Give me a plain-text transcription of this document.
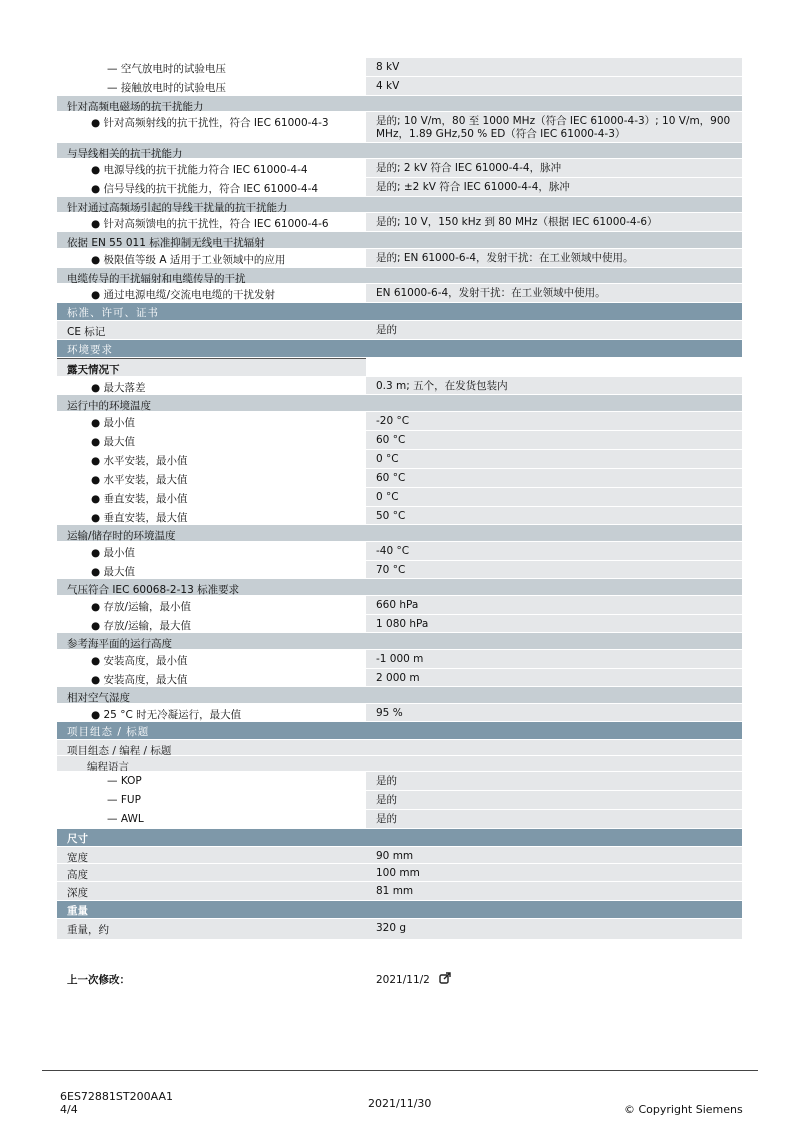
— 空气放电时的试验电压	8 kV
— 接触放电时的试验电压	4 kV
针对高频电磁场的抗干扰能力
● 针对高频射线的抗干扰性，符合 IEC 61000-4-3	是的; 10 V/m，80 至 1000 MHz（符合 IEC 61000-4-3）; 10 V/m，900 MHz，1.89 GHz,50 % ED（符合 IEC 61000-4-3）
与导线相关的抗干扰能力
● 电源导线的抗干扰能力符合 IEC 61000-4-4	是的; 2 kV 符合 IEC 61000-4-4，脉冲
● 信号导线的抗干扰能力，符合 IEC 61000-4-4	是的; ±2 kV 符合 IEC 61000-4-4，脉冲
针对通过高频场引起的导线干扰量的抗干扰能力
● 针对高频馈电的抗干扰性，符合 IEC 61000-4-6	是的; 10 V，150 kHz 到 80 MHz（根据 IEC 61000-4-6）
依据 EN 55 011 标准抑制无线电干扰辐射
● 极限值等级 A 适用于工业领域中的应用	是的; EN 61000-6-4，发射干扰：在工业领域中使用。
电缆传导的干扰辐射和电缆传导的干扰
● 通过电源电缆/交流电电缆的干扰发射	EN 61000-6-4，发射干扰：在工业领域中使用。
标准、许可、证书
CE 标记	是的
环境要求
露天情况下
● 最大落差	0.3 m; 五个，在发货包装内
运行中的环境温度
● 最小值	-20 °C
● 最大值	60 °C
● 水平安装，最小值	0 °C
● 水平安装，最大值	60 °C
● 垂直安装，最小值	0 °C
● 垂直安装，最大值	50 °C
运输/储存时的环境温度
● 最小值	-40 °C
● 最大值	70 °C
气压符合 IEC 60068-2-13 标准要求
● 存放/运输，最小值	660 hPa
● 存放/运输，最大值	1 080 hPa
参考海平面的运行高度
● 安装高度，最小值	-1 000 m
● 安装高度，最大值	2 000 m
相对空气湿度
● 25 °C 时无冷凝运行，最大值	95 %
项目组态 / 标题
项目组态 / 编程 / 标题
编程语言
— KOP	是的
— FUP	是的
— AWL	是的
尺寸
宽度	90 mm
高度	100 mm
深度	81 mm
重量
重量，约	320 g
上一次修改：	2021/11/2
6ES72881ST200AA1
4/4	2021/11/30	© Copyright Siemens
